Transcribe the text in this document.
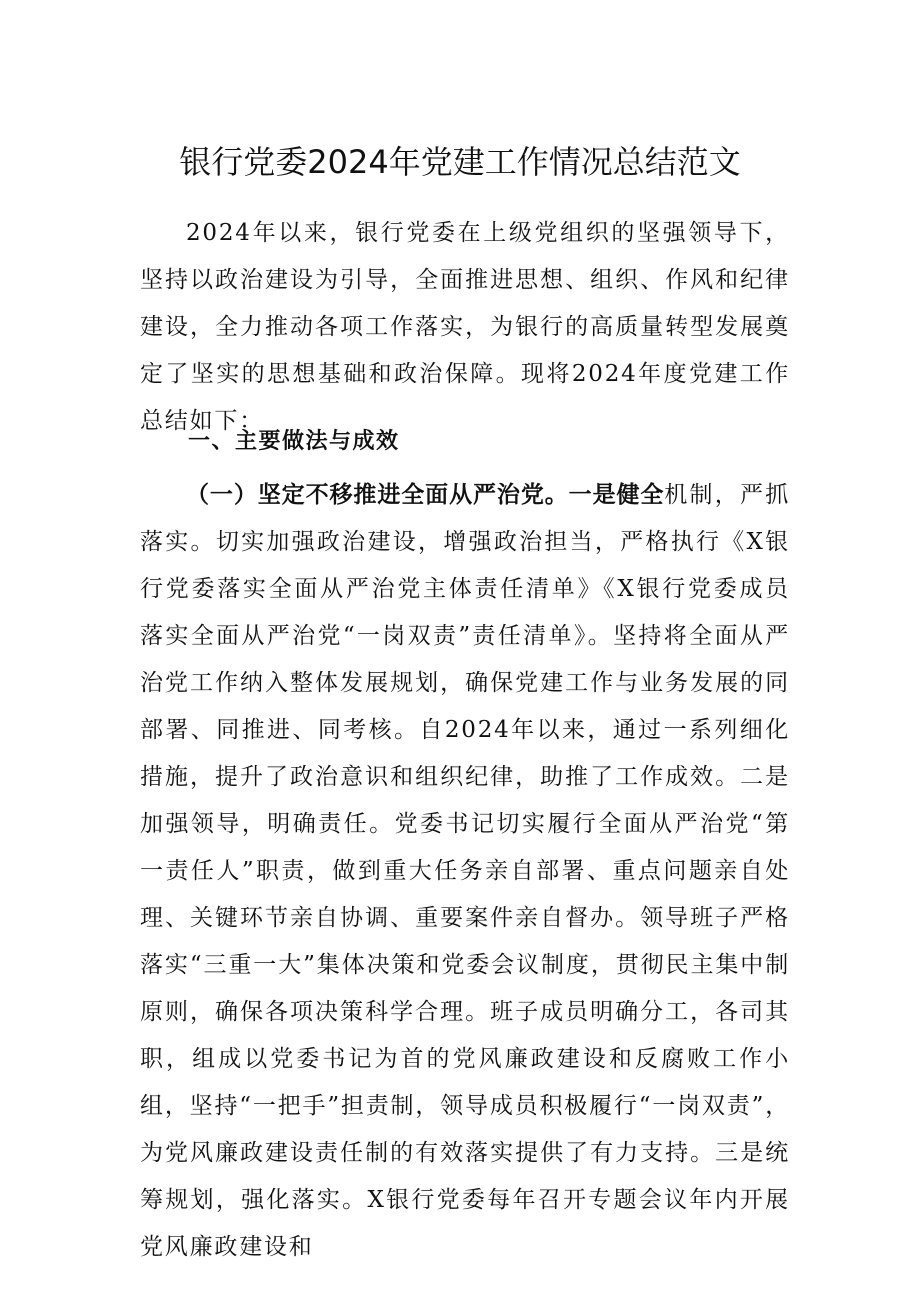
银行党委2024年党建工作情况总结范文

2024年以来，银行党委在上级党组织的坚强领导下，坚持以政治建设为引导，全面推进思想、组织、作风和纪律建设，全力推动各项工作落实，为银行的高质量转型发展奠定了坚实的思想基础和政治保障。现将2024年度党建工作总结如下：

一、主要做法与成效

（一）坚定不移推进全面从严治党。一是健全机制，严抓落实。切实加强政治建设，增强政治担当，严格执行《X银行党委落实全面从严治党主体责任清单》《X银行党委成员落实全面从严治党“一岗双责”责任清单》。坚持将全面从严治党工作纳入整体发展规划，确保党建工作与业务发展的同部署、同推进、同考核。自2024年以来，通过一系列细化措施，提升了政治意识和组织纪律，助推了工作成效。二是加强领导，明确责任。党委书记切实履行全面从严治党“第一责任人”职责，做到重大任务亲自部署、重点问题亲自处理、关键环节亲自协调、重要案件亲自督办。领导班子严格落实“三重一大”集体决策和党委会议制度，贯彻民主集中制原则，确保各项决策科学合理。班子成员明确分工，各司其职，组成以党委书记为首的党风廉政建设和反腐败工作小组，坚持“一把手”担责制，领导成员积极履行“一岗双责”，为党风廉政建设责任制的有效落实提供了有力支持。三是统筹规划，强化落实。X银行党委每年召开专题会议年内开展党风廉政建设和
